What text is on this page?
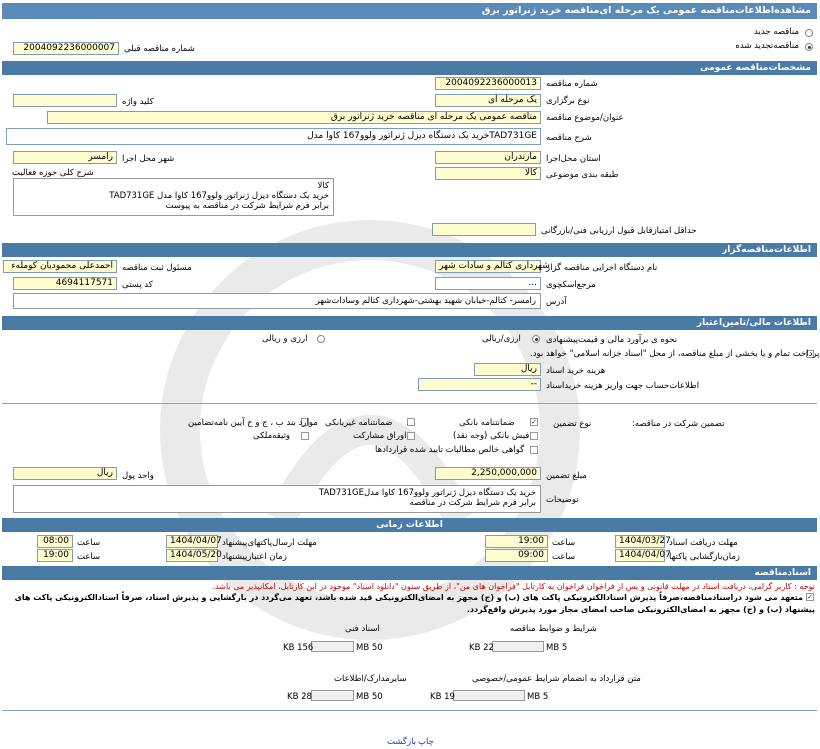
مشاهده‌اطلاعات‌مناقصه عمومی یک مرحله ای‌مناقصه خرید ژنراتور برق
مناقصه جدید
مناقصه‌تجدید شده
شماره مناقصه قبلی
2004092236000007
مشخصات‌مناقصه عمومی
شماره مناقصه
2004092236000013
نوع برگزاری
یک مرحله ای
کلید واژه
عنوان/موضوع مناقصه
مناقصه عمومی یک مرحله ای مناقصه خرید ژنراتور برق
شرح مناقصه
خرید یک دستگاه دیزل ژنراتور ولوو167 کاوا مدلTAD731GE
استان محل‌اجرا
مازندران
شهر محل اجرا
رامسر
طبقه بندی موضوعی
کالا
شرح کلی حوزه فعالیت
کالا
خرید یک دستگاه دیزل ژنراتور ولوو167 کاوا مدل TAD731GE
برابر فرم شرایط شرکت در مناقصه به پیوست
حداقل امتیازقابل قبول ارزیابی فنی/بازرگانی
اطلاعات‌مناقصه‌گزار
نام دستگاه اجرایی مناقصه گزار
شهرداری کتالم و سادات شهر
مسئول ثبت مناقصه
احمدعلی محمودیان کوملهء
مرجع‌اسکچوی
...
کد پستی
4694117571
آدرس
رامسر- کتالم-خیابان شهید بهشتی-شهرداری کتالم وسادات‌شهر
اطلاعات مالی/تامین‌اعتبار
نحوه ی برآورد مالی و قیمت‌پیشنهادی
ارزی/ریالی
ارزی و ریالی
پرداخت تمام و یا بخشی از مبلغ مناقصه، از محل "اسناد خزانه اسلامی" خواهد بود.
هزینه خرید اسناد
ریال
اطلاعات‌حساب جهت واریز هزینه خریداسناد
--
تضمین شرکت در مناقصه:
نوع تضمین
✓
ضمانتنامه بانکی
ضمانتنامه غیربانکی
موارد بند ب ، ج و خ آیین نامه‌تضامین
فیش بانکی (وجه نقد)
اوراق مشارکت
وثیقه‌ملکی
گواهی خالص مطالبات تایید شده قراردادها
مبلغ تضمین
2,250,000,000
واحد پول
ریال
توضیحات
خرید یک دستگاه دیزل ژنراتور ولوو167 کاوا مدلTAD731GE
برابر فرم شرایط شرکت در مناقصه
اطلاعات زمانی
مهلت دریافت اسناد
1404/03/27
ساعت
19:00
مهلت ارسال‌پاکتهای‌پیشنهاد
1404/04/07
ساعت
08:00
زمان‌بازگشایی پاکتها
1404/04/07
ساعت
09:00
زمان اعتبارپیشنهاد
1404/05/20
ساعت
19:00
اسنادمناقصه
توجه : کاربر گرامی، دریافت اسناد در مهلت قانونی و پس از فراخوان فراخوان به کارتابل "فراخوان های من"، از طریق ستون "دانلود اسناد" موجود در این کارتابل، امکانپذیر می باشد.
✓
متعهد می شود دراسنادمناقصه،صرفاً پذیرش اسنادالکترونیکی پاکت های (ب) و (ج) مجهز به امضای‌الکترونیکی قید شده باشد، تعهد می‌گردد در بازگشایی و پذیرش اسناد، صرفاً اسنادالکترونیکی پاکت های
پیشنهاد (ب) و (ج) مجهز به امضای‌الکترونیکی صاحب امضای مجاز مورد پذیرش واقع‌گردد.
شرایط و ضوابط مناقصه
5 MB
22 KB
اسناد فنی
50 MB
156 KB
متن قرارداد به انضمام شرایط عمومی/خصوصی
5 MB
19 KB
سایرمدارک/اطلاعات
50 MB
28 KB
بازگشت چاپ
